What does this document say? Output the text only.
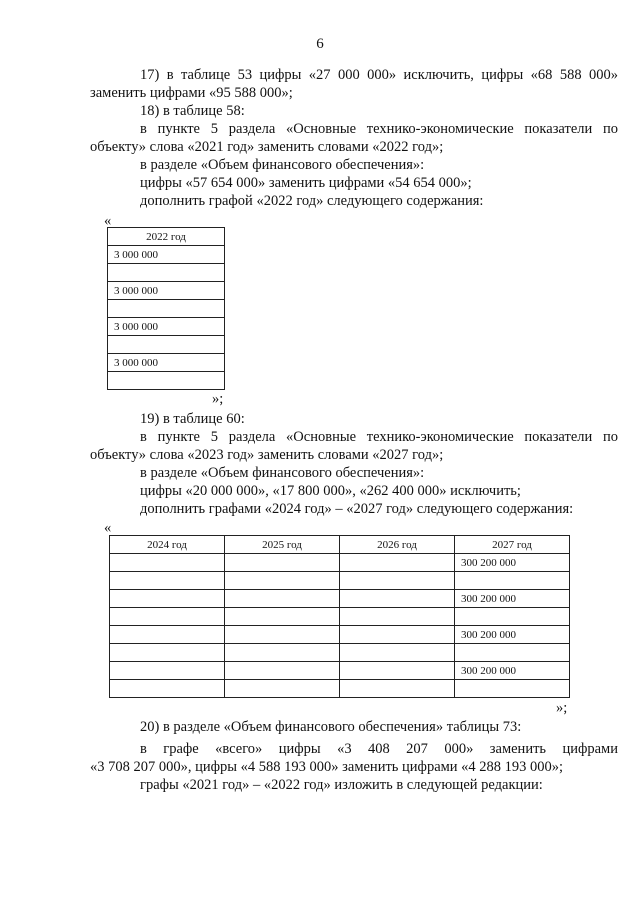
6
17) в таблице 53 цифры «27 000 000» исключить, цифры «68 588 000»
заменить цифрами «95 588 000»;
18) в таблице 58:
в пункте 5 раздела «Основные технико-экономические показатели по
объекту» слова «2021 год» заменить словами «2022 год»;
в разделе «Объем финансового обеспечения»:
цифры «57 654 000» заменить цифрами «54 654 000»;
дополнить графой «2022 год» следующего содержания:
«
2022 год
3 000 000

3 000 000

3 000 000

3 000 000

»;
19) в таблице 60:
в пункте 5 раздела «Основные технико-экономические показатели по
объекту» слова «2023 год» заменить словами «2027 год»;
в разделе «Объем финансового обеспечения»:
цифры «20 000 000», «17 800 000», «262 400 000» исключить;
дополнить графами «2024 год» – «2027 год» следующего содержания:
«
2024 год	2025 год	2026 год	2027 год
			300 200 000

			300 200 000

			300 200 000

			300 200 000

»;
20) в разделе «Объем финансового обеспечения» таблицы 73:
в графе «всего» цифры «3 408 207 000» заменить цифрами
«3 708 207 000», цифры «4 588 193 000» заменить цифрами «4 288 193 000»;
графы «2021 год» – «2022 год» изложить в следующей редакции:
